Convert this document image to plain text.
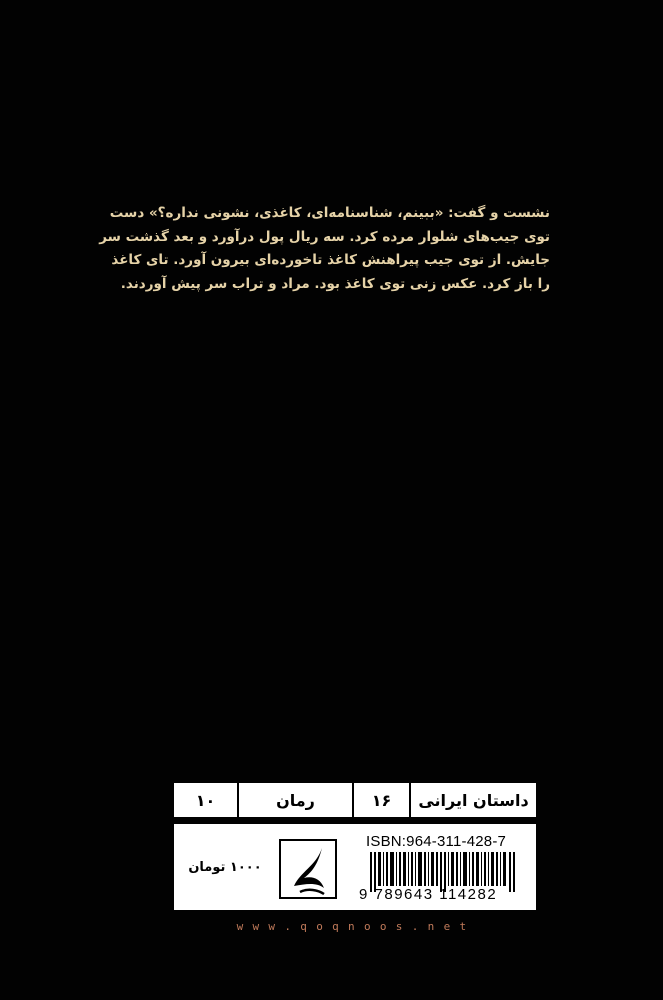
نشست و گفت: «ببینم، شناسنامه‌ای، کاغذی، نشونی نداره؟» دست

توی جیب‌های شلوار مرده کرد. سه ریال پول درآورد و بعد گذشت سر

جایش. از توی جیب پیراهنش کاغذ تاخورده‌ای بیرون آورد. تای کاغذ

را باز کرد. عکس زنی توی کاغذ بود. مراد و تراب سر پیش آوردند.

داستان ایرانی
۱۶
رمان
۱۰
۱۰۰۰ تومان
ISBN:964-311-428-7
9 789643 114282
www.qoqnoos.net
